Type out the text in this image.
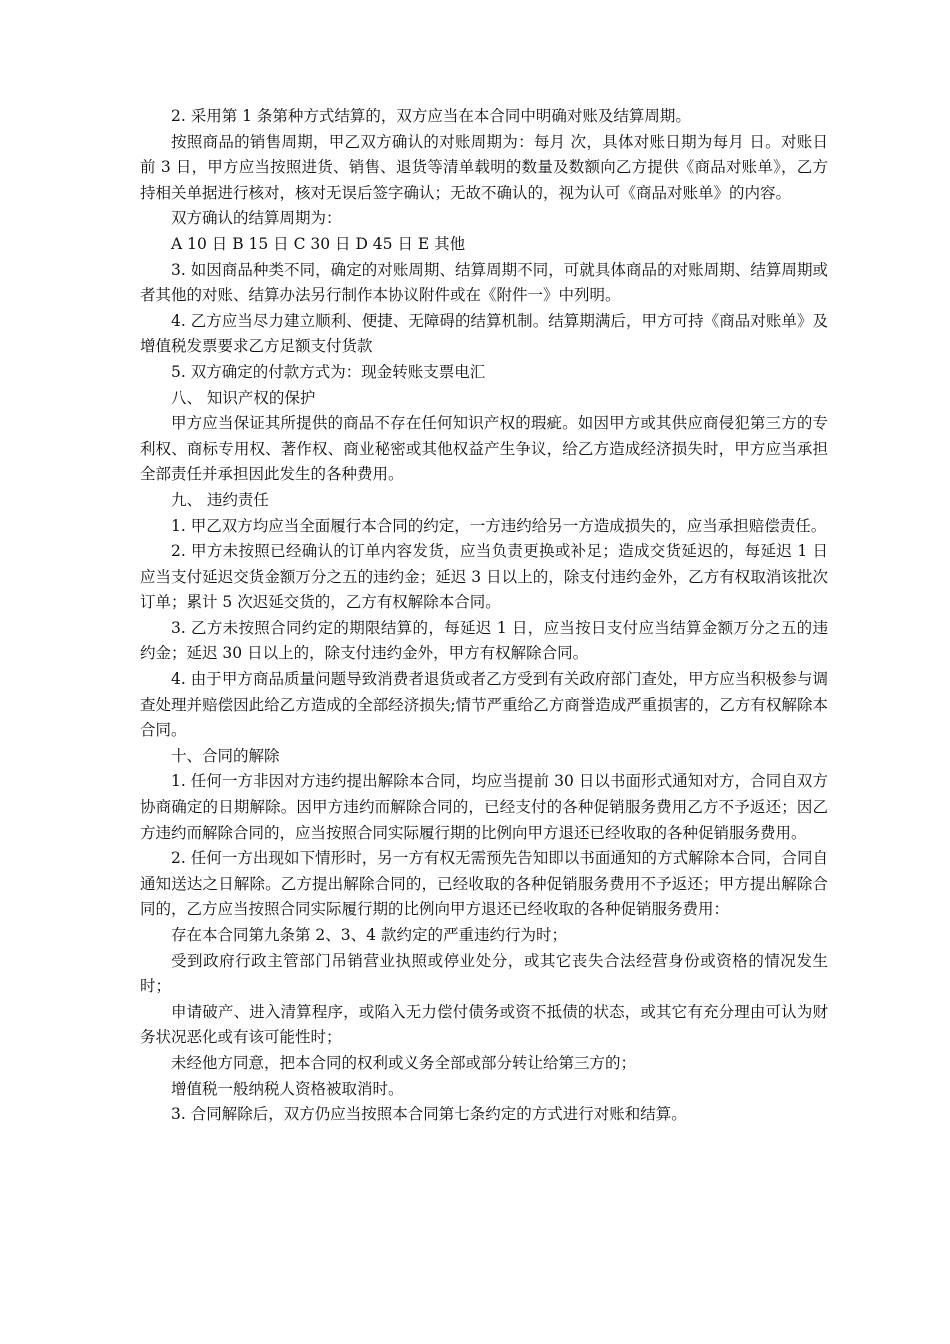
2. 采用第 1 条第种方式结算的，双方应当在本合同中明确对账及结算周期。

按照商品的销售周期，甲乙双方确认的对账周期为：每月 次，具体对账日期为每月 日。对账日前 3 日，甲方应当按照进货、销售、退货等清单载明的数量及数额向乙方提供《商品对账单》，乙方持相关单据进行核对，核对无误后签字确认；无故不确认的，视为认可《商品对账单》的内容。

双方确认的结算周期为：

A 10 日 B 15 日 C 30 日 D 45 日 E 其他

3. 如因商品种类不同，确定的对账周期、结算周期不同，可就具体商品的对账周期、结算周期或者其他的对账、结算办法另行制作本协议附件或在《附件一》中列明。

4. 乙方应当尽力建立顺利、便捷、无障碍的结算机制。结算期满后，甲方可持《商品对账单》及增值税发票要求乙方足额支付货款

5. 双方确定的付款方式为：现金转账支票电汇

八、 知识产权的保护

甲方应当保证其所提供的商品不存在任何知识产权的瑕疵。如因甲方或其供应商侵犯第三方的专利权、商标专用权、著作权、商业秘密或其他权益产生争议，给乙方造成经济损失时，甲方应当承担全部责任并承担因此发生的各种费用。

九、 违约责任

1. 甲乙双方均应当全面履行本合同的约定，一方违约给另一方造成损失的，应当承担赔偿责任。

2. 甲方未按照已经确认的订单内容发货，应当负责更换或补足；造成交货延迟的，每延迟 1 日应当支付延迟交货金额万分之五的违约金；延迟 3 日以上的，除支付违约金外，乙方有权取消该批次订单；累计 5 次迟延交货的，乙方有权解除本合同。

3. 乙方未按照合同约定的期限结算的，每延迟 1 日，应当按日支付应当结算金额万分之五的违约金；延迟 30 日以上的，除支付违约金外，甲方有权解除合同。

4. 由于甲方商品质量问题导致消费者退货或者乙方受到有关政府部门查处，甲方应当积极参与调查处理并赔偿因此给乙方造成的全部经济损失;情节严重给乙方商誉造成严重损害的，乙方有权解除本合同。

十、合同的解除

1. 任何一方非因对方违约提出解除本合同，均应当提前 30 日以书面形式通知对方，合同自双方协商确定的日期解除。因甲方违约而解除合同的，已经支付的各种促销服务费用乙方不予返还；因乙方违约而解除合同的，应当按照合同实际履行期的比例向甲方退还已经收取的各种促销服务费用。

2. 任何一方出现如下情形时，另一方有权无需预先告知即以书面通知的方式解除本合同，合同自通知送达之日解除。乙方提出解除合同的，已经收取的各种促销服务费用不予返还；甲方提出解除合同的，乙方应当按照合同实际履行期的比例向甲方退还已经收取的各种促销服务费用：

存在本合同第九条第 2、3、4 款约定的严重违约行为时；

受到政府行政主管部门吊销营业执照或停业处分，或其它丧失合法经营身份或资格的情况发生时；

申请破产、进入清算程序，或陷入无力偿付债务或资不抵债的状态，或其它有充分理由可认为财务状况恶化或有该可能性时；

未经他方同意，把本合同的权利或义务全部或部分转让给第三方的；

增值税一般纳税人资格被取消时。

3. 合同解除后，双方仍应当按照本合同第七条约定的方式进行对账和结算。
